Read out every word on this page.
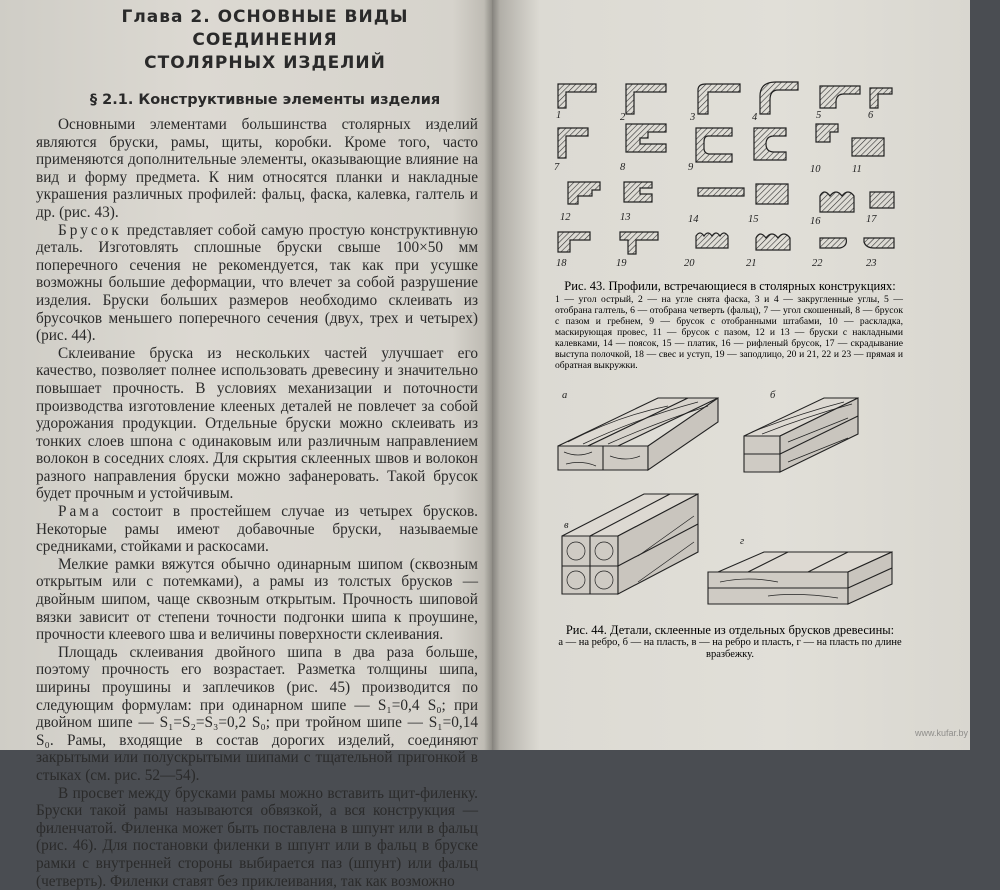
Глава 2. ОСНОВНЫЕ ВИДЫ СОЕДИНЕНИЯ
СТОЛЯРНЫХ ИЗДЕЛИЙ
§ 2.1. Конструктивные элементы изделия

Основными элементами большинства столярных изделий являются бруски, рамы, щиты, коробки. Кроме того, часто применяются дополнительные элементы, оказывающие влияние на вид и форму предмета. К ним относятся планки и накладные украшения различных профилей: фальц, фаска, калевка, галтель и др. (рис. 43).

Брусок представляет собой самую простую конструктивную деталь. Изготовлять сплошные бруски свыше 100×50 мм поперечного сечения не рекомендуется, так как при усушке возможны большие деформации, что влечет за собой разрушение изделия. Бруски больших размеров необходимо склеивать из брусочков меньшего поперечного сечения (двух, трех и четырех) (рис. 44).

Склеивание бруска из нескольких частей улучшает его качество, позволяет полнее использовать древесину и значительно повышает прочность. В условиях механизации и поточности производства изготовление клееных деталей не повлечет за собой удорожания продукции. Отдельные бруски можно склеивать из тонких слоев шпона с одинаковым или различным направлением волокон в соседних слоях. Для скрытия склеенных швов и волокон разного направления бруски можно зафанеровать. Такой брусок будет прочным и устойчивым.

Рама состоит в простейшем случае из четырех брусков. Некоторые рамы имеют добавочные бруски, называемые средниками, стойками и раскосами.

Мелкие рамки вяжутся обычно одинарным шипом (сквозным открытым или с потемками), а рамы из толстых брусков — двойным шипом, чаще сквозным открытым. Прочность шиповой вязки зависит от степени точности подгонки шипа к проушине, прочности клеевого шва и величины поверхности склеивания.

Площадь склеивания двойного шипа в два раза больше, поэтому прочность его возрастает. Разметка толщины шипа, ширины проушины и заплечиков (рис. 45) производится по следующим формулам: при одинарном шипе — S₁=0,4 S₀; при двойном шипе — S₁=S₂=S₃=0,2 S₀; при тройном шипе — S₁=0,14 S₀. Рамы, входящие в состав дорогих изделий, соединяют закрытыми или полускрытыми шипами с тщательной пригонкой в стыках (см. рис. 52—54).

В просвет между брусками рамы можно вставить щит-филенку. Бруски такой рамы называются обвязкой, а вся конструкция — филенчатой. Филенка может быть поставлена в шпунт или в фальц (рис. 46). Для постановки филенки в шпунт или в фальц в бруске рамки с внутренней стороны выбирается паз (шпунт) или фальц (четверть). Филенки ставят без приклеивания, так как возможно

1	2	3	4	5	6
7	8	9	10	11
12	13	14	15	16	17
18	19	20	21	22	23
Рис. 43. Профили, встречающиеся в столярных конструкциях:
1 — угол острый, 2 — на угле снята фаска, 3 и 4 — закругленные углы, 5 — отобрана галтель, 6 — отобрана четверть (фальц), 7 — угол скошенный, 8 — брусок с пазом и гребнем, 9 — брусок с отобранными штабами, 10 — раскладка, маскирующая провес, 11 — брусок с пазом, 12 и 13 — бруски с накладными калевками, 14 — поясок, 15 — платик, 16 — рифленый брусок, 17 — скрадывание выступа полочкой, 18 — свес и уступ, 19 — заподлицо, 20 и 21, 22 и 23 — прямая и обратная выкружки.
а	б
в
г
Рис. 44. Детали, склеенные из отдельных брусков древесины:
а — на ребро, б — на пласть, в — на ребро и пласть, г — на пласть по длине вразбежку.
www.kufar.by
